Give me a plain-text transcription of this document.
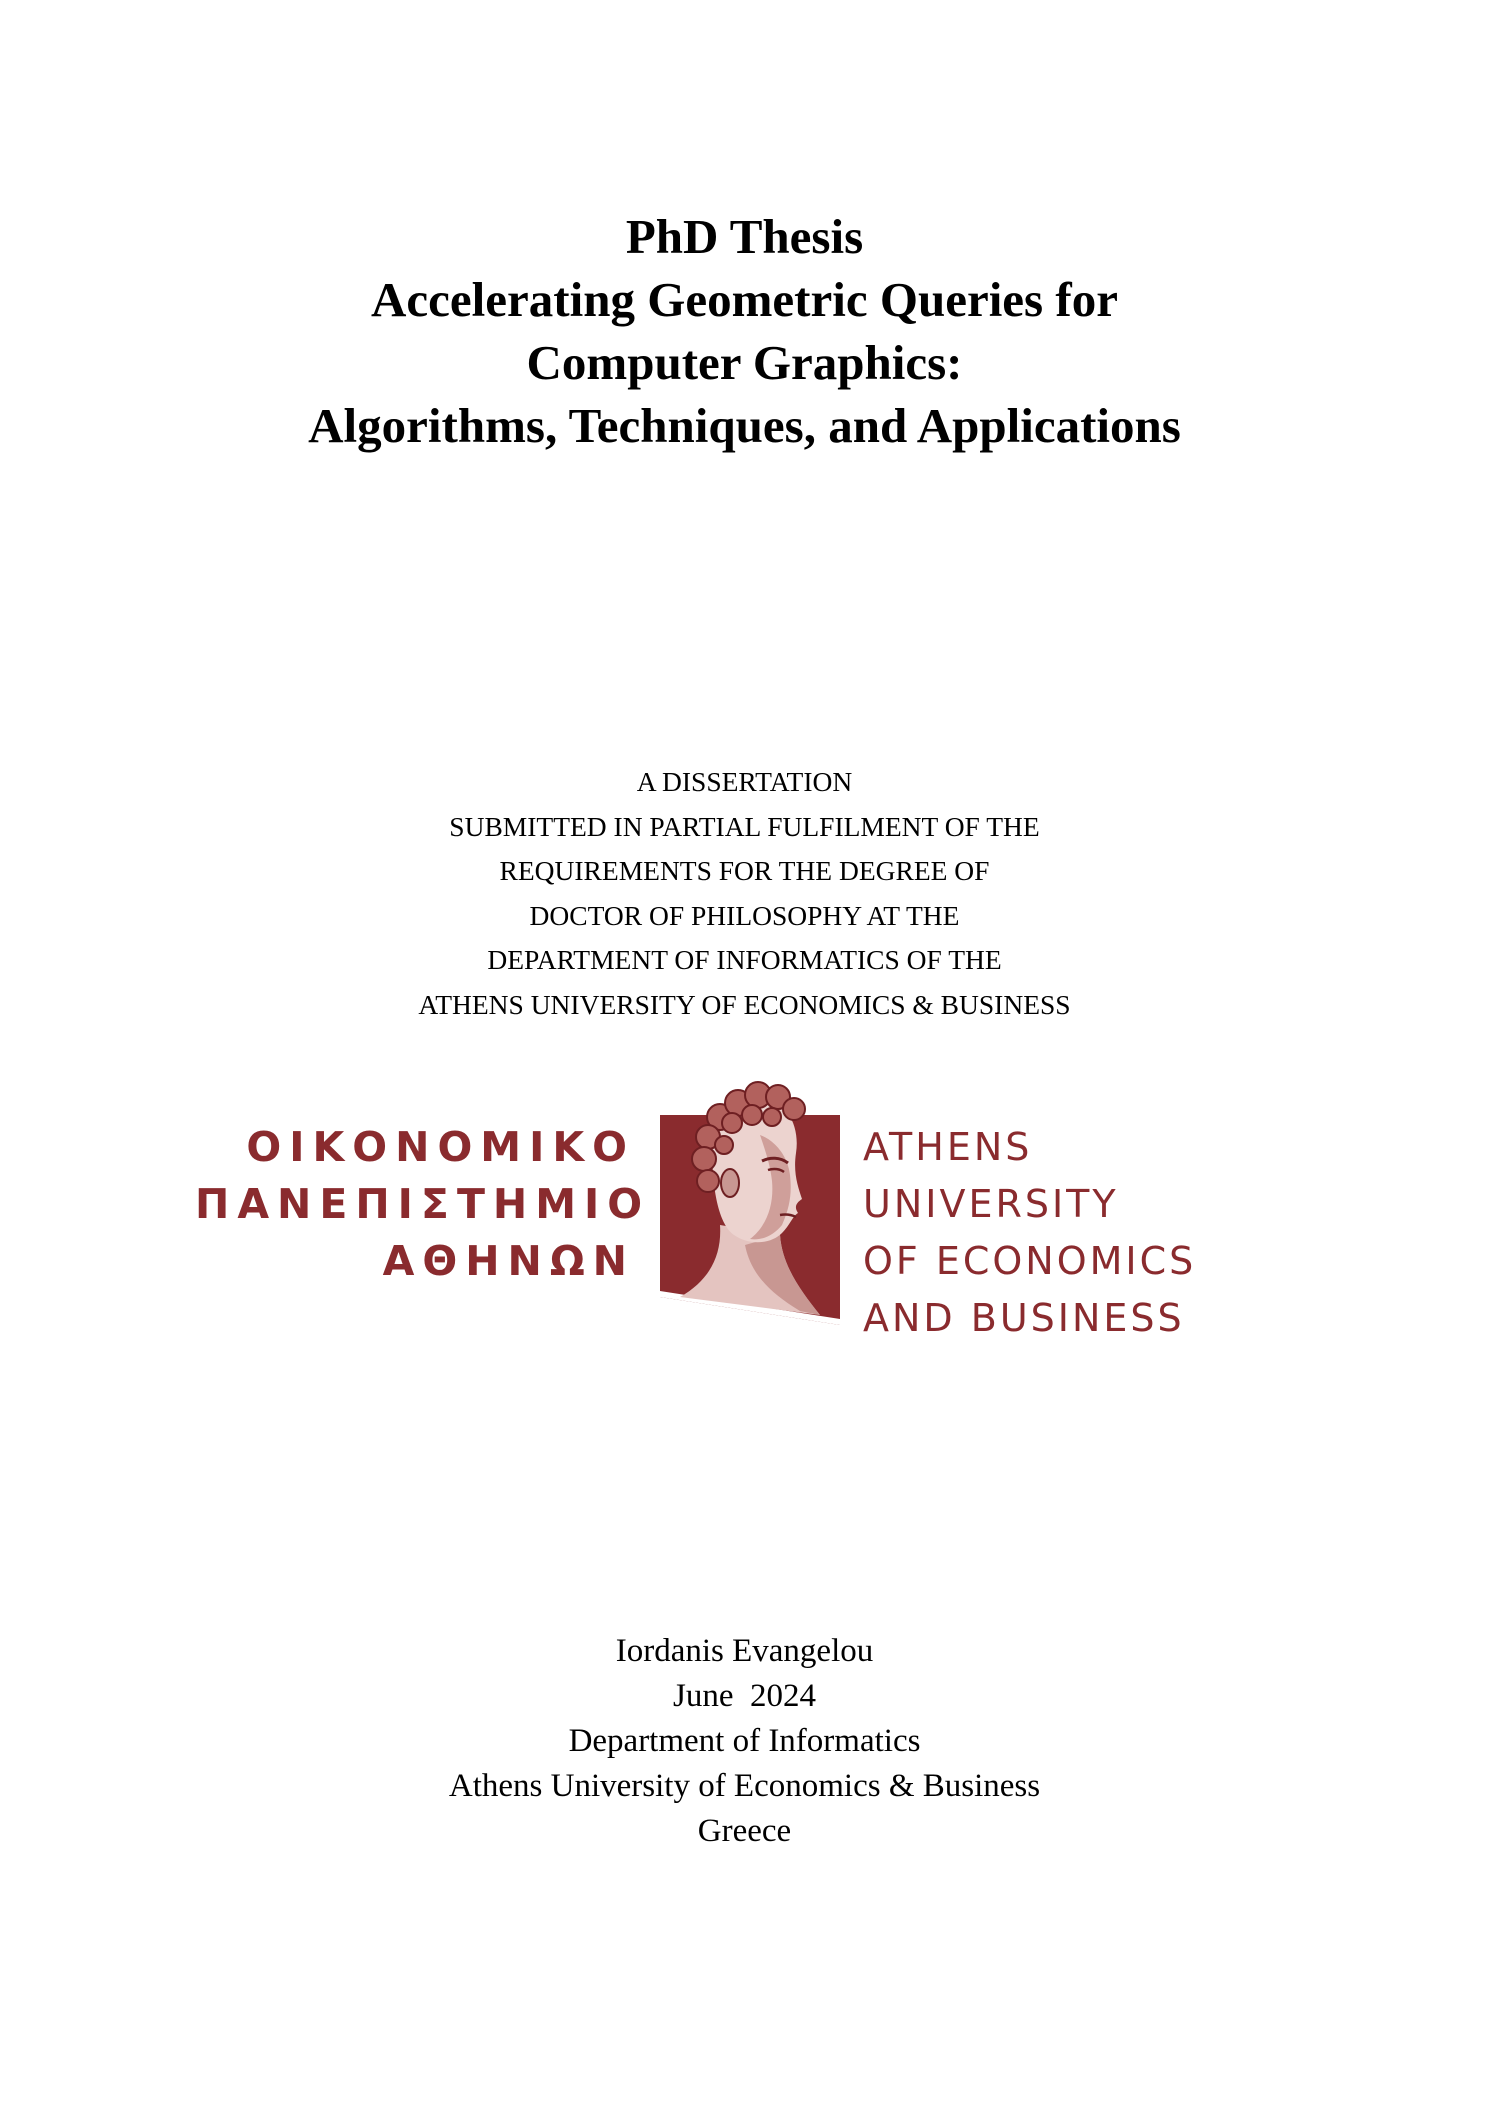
PhD Thesis
Accelerating Geometric Queries for
Computer Graphics:
Algorithms, Techniques, and Applications
A DISSERTATION
SUBMITTED IN PARTIAL FULFILMENT OF THE
REQUIREMENTS FOR THE DEGREE OF
DOCTOR OF PHILOSOPHY AT THE
DEPARTMENT OF INFORMATICS OF THE
ATHENS UNIVERSITY OF ECONOMICS & BUSINESS
ΟΙΚΟΝΟΜΙΚΟ
ΠΑΝΕΠΙΣΤΗΜΙΟ
ΑΘΗΝΩΝ
ATHENS UNIVERSITY
OF ECONOMICS
AND BUSINESS
Iordanis Evangelou
June  2024
Department of Informatics
Athens University of Economics & Business
Greece
